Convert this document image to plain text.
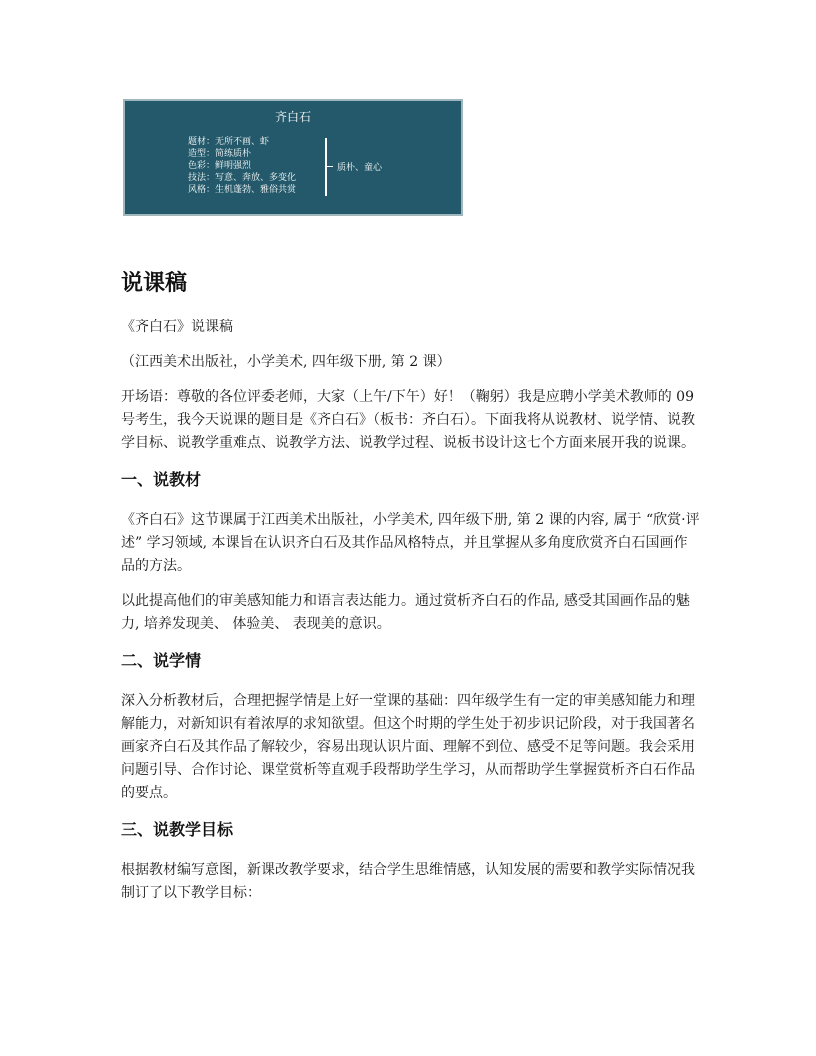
齐白石
题材：无所不画、虾
造型：简练质朴
色彩：鲜明强烈
技法：写意、奔放、多变化
风格：生机蓬勃、雅俗共赏
质朴、童心
说课稿

《齐白石》说课稿

（江西美术出版社，小学美术, 四年级下册, 第 2 课）

开场语：尊敬的各位评委老师，大家（上午/下午）好！（鞠躬）我是应聘小学美术教师的 09 号考生，我今天说课的题目是《齐白石》（板书：齐白石）。下面我将从说教材、说学情、说教学目标、说教学重难点、说教学方法、说教学过程、说板书设计这七个方面来展开我的说课。

一、说教材

《齐白石》这节课属于江西美术出版社，小学美术, 四年级下册, 第 2 课的内容, 属于 “欣赏·评述” 学习领域, 本课旨在认识齐白石及其作品风格特点，并且掌握从多角度欣赏齐白石国画作品的方法。

以此提高他们的审美感知能力和语言表达能力。通过赏析齐白石的作品, 感受其国画作品的魅力, 培养发现美、 体验美、 表现美的意识。

二、说学情

深入分析教材后，合理把握学情是上好一堂课的基础：四年级学生有一定的审美感知能力和理解能力，对新知识有着浓厚的求知欲望。但这个时期的学生处于初步识记阶段，对于我国著名画家齐白石及其作品了解较少，容易出现认识片面、理解不到位、感受不足等问题。我会采用问题引导、合作讨论、课堂赏析等直观手段帮助学生学习，从而帮助学生掌握赏析齐白石作品的要点。

三、说教学目标

根据教材编写意图，新课改教学要求，结合学生思维情感，认知发展的需要和教学实际情况我制订了以下教学目标：
